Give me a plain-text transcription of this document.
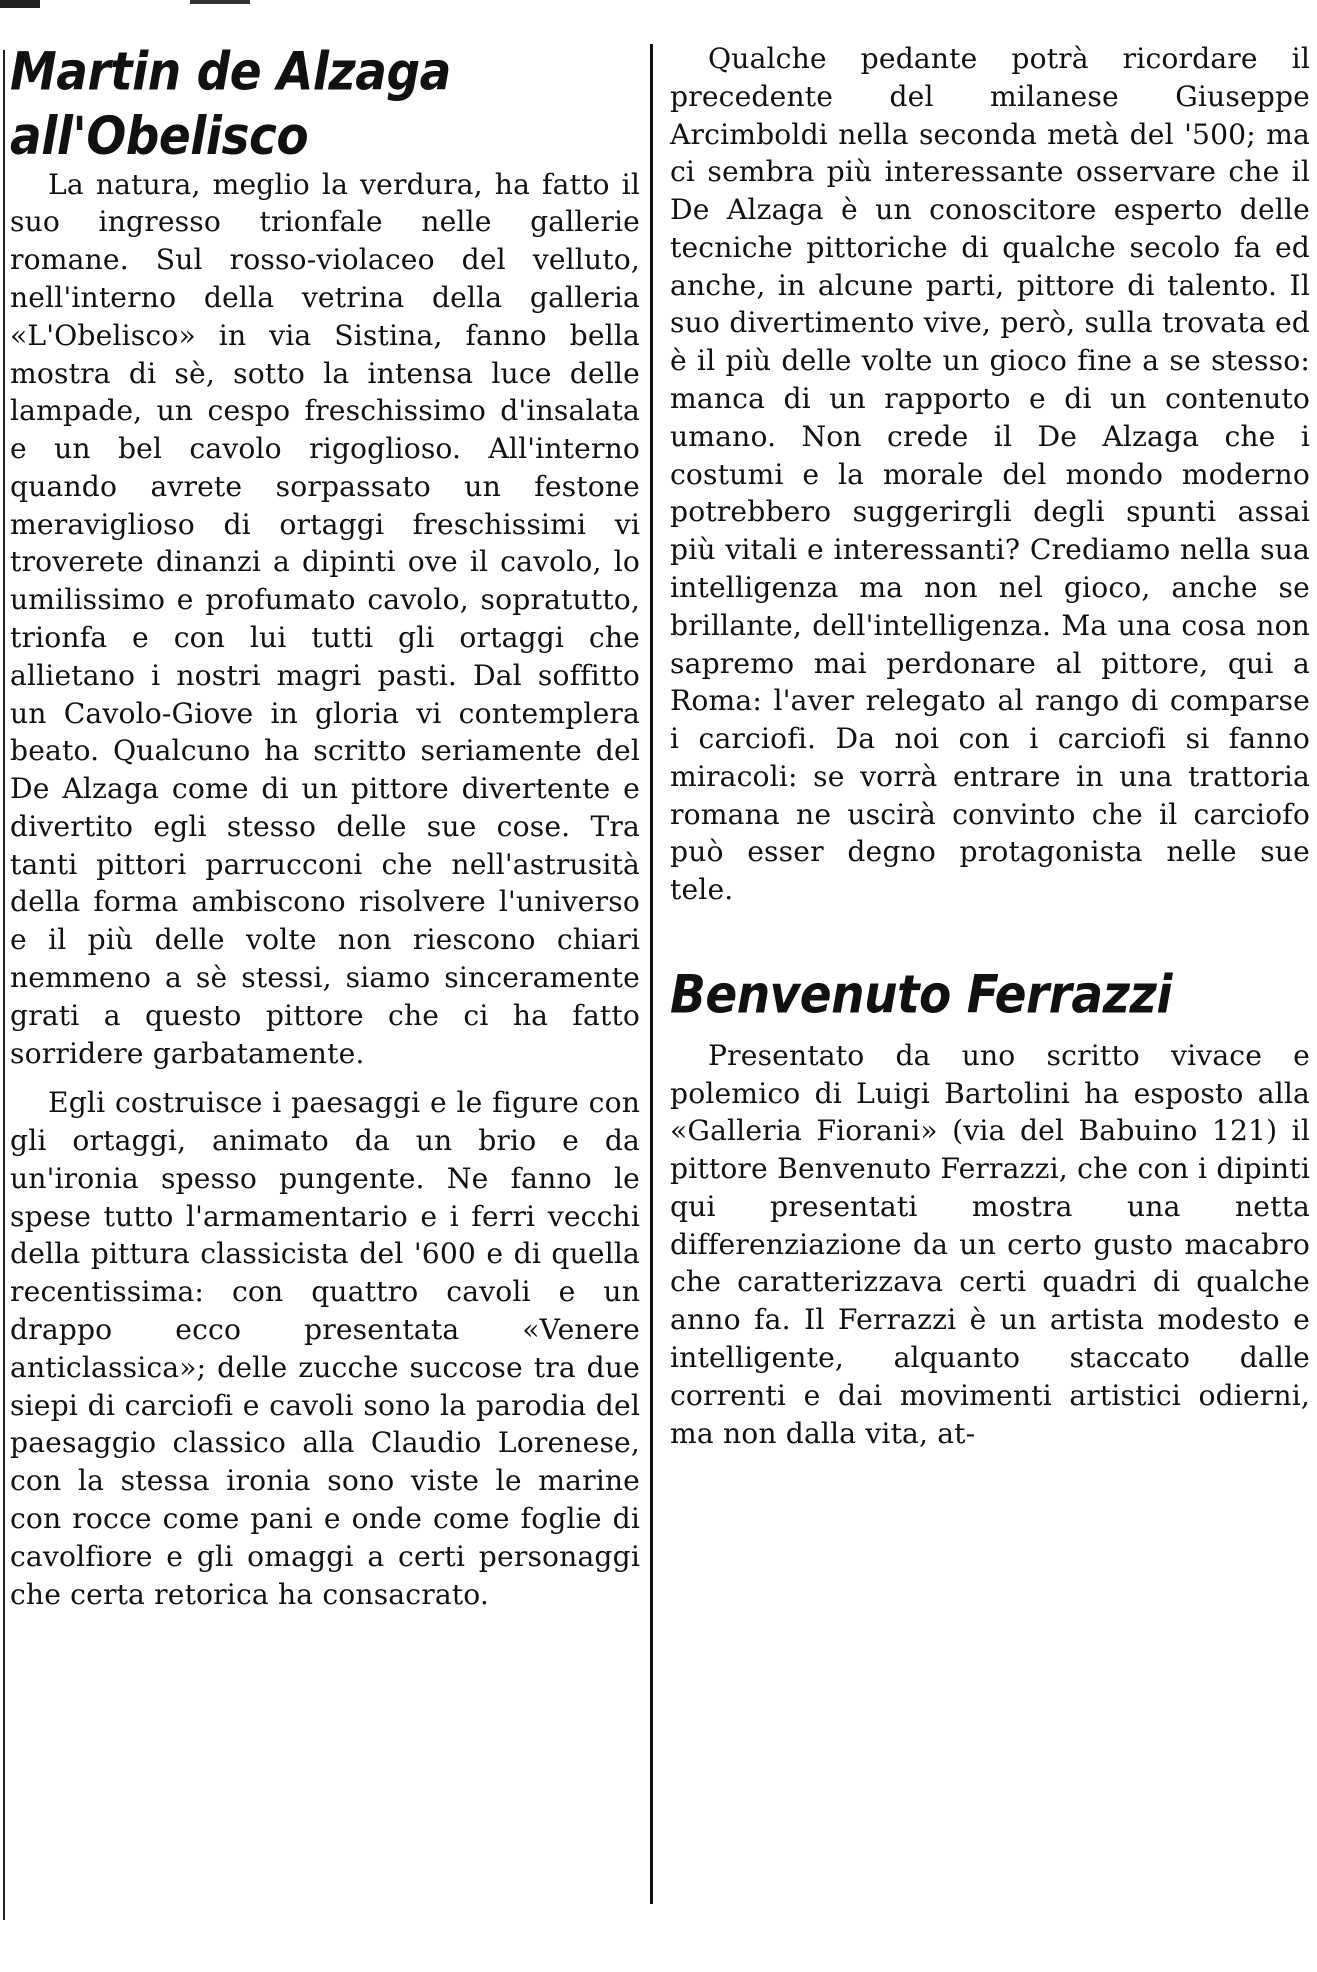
Martin de Alzaga
all'Obelisco

La natura, meglio la verdura, ha fatto il suo ingresso trionfale nelle gallerie romane. Sul rosso-violaceo del velluto, nell'interno della vetrina della galleria «L'Obelisco» in via Sistina, fanno bella mostra di sè, sotto la intensa luce delle lampade, un cespo freschissimo d'insalata e un bel cavolo rigoglioso. All'interno quando avrete sorpassato un festone meraviglioso di ortaggi freschissimi vi troverete dinanzi a dipinti ove il cavolo, lo umilissimo e profumato cavolo, sopratutto, trionfa e con lui tutti gli ortaggi che allietano i nostri magri pasti. Dal soffitto un Cavolo-Giove in gloria vi contemplera beato. Qualcuno ha scritto seriamente del De Alzaga come di un pittore divertente e divertito egli stesso delle sue cose. Tra tanti pittori parrucconi che nell'astrusità della forma ambiscono risolvere l'universo e il più delle volte non riescono chiari nemmeno a sè stessi, siamo sinceramente grati a questo pittore che ci ha fatto sorridere garbatamente.

Egli costruisce i paesaggi e le figure con gli ortaggi, animato da un brio e da un'ironia spesso pungente. Ne fanno le spese tutto l'armamentario e i ferri vecchi della pittura classicista del '600 e di quella recentissima: con quattro cavoli e un drappo ecco presentata «Venere anticlassica»; delle zucche succose tra due siepi di carciofi e cavoli sono la parodia del paesaggio classico alla Claudio Lorenese, con la stessa ironia sono viste le marine con rocce come pani e onde come foglie di cavolfiore e gli omaggi a certi personaggi che certa retorica ha consacrato.

Qualche pedante potrà ricordare il precedente del milanese Giuseppe Arcimboldi nella seconda metà del '500; ma ci sembra più interessante osservare che il De Alzaga è un conoscitore esperto delle tecniche pittoriche di qualche secolo fa ed anche, in alcune parti, pittore di talento. Il suo divertimento vive, però, sulla trovata ed è il più delle volte un gioco fine a se stesso: manca di un rapporto e di un contenuto umano. Non crede il De Alzaga che i costumi e la morale del mondo moderno potrebbero suggerirgli degli spunti assai più vitali e interessanti? Crediamo nella sua intelligenza ma non nel gioco, anche se brillante, dell'intelligenza. Ma una cosa non sapremo mai perdonare al pittore, qui a Roma: l'aver relegato al rango di comparse i carciofi. Da noi con i carciofi si fanno miracoli: se vorrà entrare in una trattoria romana ne uscirà convinto che il carciofo può esser degno protagonista nelle sue tele.

Benvenuto Ferrazzi

Presentato da uno scritto vivace e polemico di Luigi Bartolini ha esposto alla «Galleria Fiorani» (via del Babuino 121) il pittore Benvenuto Ferrazzi, che con i dipinti qui presentati mostra una netta differenziazione da un certo gusto macabro che caratterizzava certi quadri di qualche anno fa. Il Ferrazzi è un artista modesto e intelligente, alquanto staccato dalle correnti e dai movimenti artistici odierni, ma non dalla vita, at-
